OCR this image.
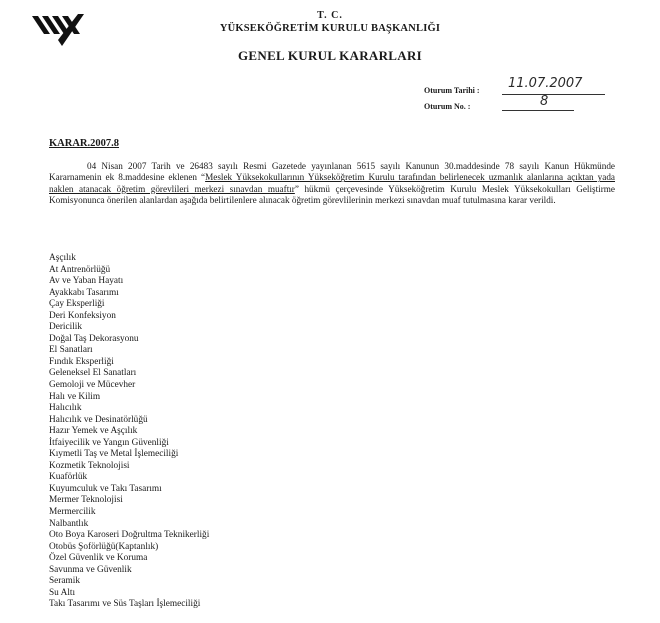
T. C.
YÜKSEKÖĞRETİM KURULU BAŞKANLIĞI
GENEL KURUL KARARLARI
Oturum Tarihi : 11.07.2007
Oturum No. :	8
KARAR.2007.8
04 Nisan 2007 Tarih ve 26483 sayılı Resmi Gazetede yayınlanan 5615 sayılı Kanunun 30.maddesinde 78 sayılı Kanun Hükmünde Kararnamenin ek 8.maddesine eklenen “Meslek Yüksekokullarının Yükseköğretim Kurulu tarafından belirlenecek uzmanlık alanlarına açıktan yada naklen atanacak öğretim görevlileri merkezi sınavdan muaftır” hükmü çerçevesinde Yükseköğretim Kurulu Meslek Yüksekokulları Geliştirme Komisyonunca önerilen alanlardan aşağıda belirtilenlere alınacak öğretim görevlilerinin merkezi sınavdan muaf tutulmasına karar verildi.
Aşçılık
At Antrenörlüğü
Av ve Yaban Hayatı
Ayakkabı Tasarımı
Çay Eksperliği
Deri Konfeksiyon
Dericilik
Doğal Taş Dekorasyonu
El Sanatları
Fındık Eksperliği
Geleneksel El Sanatları
Gemoloji ve Mücevher
Halı ve Kilim
Halıcılık
Halıcılık ve Desinatörlüğü
Hazır Yemek ve Aşçılık
İtfaiyecilik ve Yangın Güvenliği
Kıymetli Taş ve Metal İşlemeciliği
Kozmetik Teknolojisi
Kuaförlük
Kuyumculuk ve Takı Tasarımı
Mermer Teknolojisi
Mermercilik
Nalbantlık
Oto Boya Karoseri Doğrultma Teknikerliği
Otobüs Şoförlüğü(Kaptanlık)
Özel Güvenlik ve Koruma
Savunma ve Güvenlik
Seramik
Su Altı
Takı Tasarımı ve Süs Taşları İşlemeciliği
